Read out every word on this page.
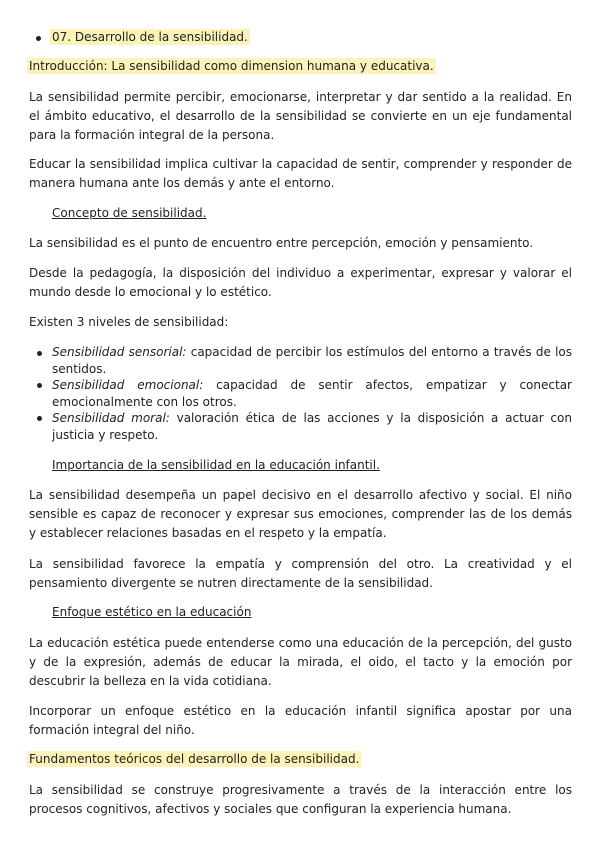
07. Desarrollo de la sensibilidad.
Introducción: La sensibilidad como dimension humana y educativa.

La sensibilidad permite percibir, emocionarse, interpretar y dar sentido a la realidad. En el ámbito educativo, el desarrollo de la sensibilidad se convierte en un eje fundamental para la formación integral de la persona.

Educar la sensibilidad implica cultivar la capacidad de sentir, comprender y responder de manera humana ante los demás y ante el entorno.

Concepto de sensibilidad.

La sensibilidad es el punto de encuentro entre percepción, emoción y pensamiento.

Desde la pedagogía, la disposición del individuo a experimentar, expresar y valorar el mundo desde lo emocional y lo estético.

Existen 3 niveles de sensibilidad:

Sensibilidad sensorial: capacidad de percibir los estímulos del entorno a través de los sentidos.

Sensibilidad emocional: capacidad de sentir afectos, empatizar y conectar emocionalmente con los otros.

Sensibilidad moral: valoración ética de las acciones y la disposición a actuar con justicia y respeto.

Importancia de la sensibilidad en la educación infantil.

La sensibilidad desempeña un papel decisivo en el desarrollo afectivo y social. El niño sensible es capaz de reconocer y expresar sus emociones, comprender las de los demás y establecer relaciones basadas en el respeto y la empatía.

La sensibilidad favorece la empatía y comprensión del otro. La creatividad y el pensamiento divergente se nutren directamente de la sensibilidad.

Enfoque estético en la educación

La educación estética puede entenderse como una educación de la percepción, del gusto y de la expresión, además de educar la mirada, el oido, el tacto y la emoción por descubrir la belleza en la vida cotidiana.

Incorporar un enfoque estético en la educación infantil significa apostar por una formación integral del niño.

Fundamentos teóricos del desarrollo de la sensibilidad.

La sensibilidad se construye progresivamente a través de la interacción entre los procesos cognitivos, afectivos y sociales que configuran la experiencia humana.
